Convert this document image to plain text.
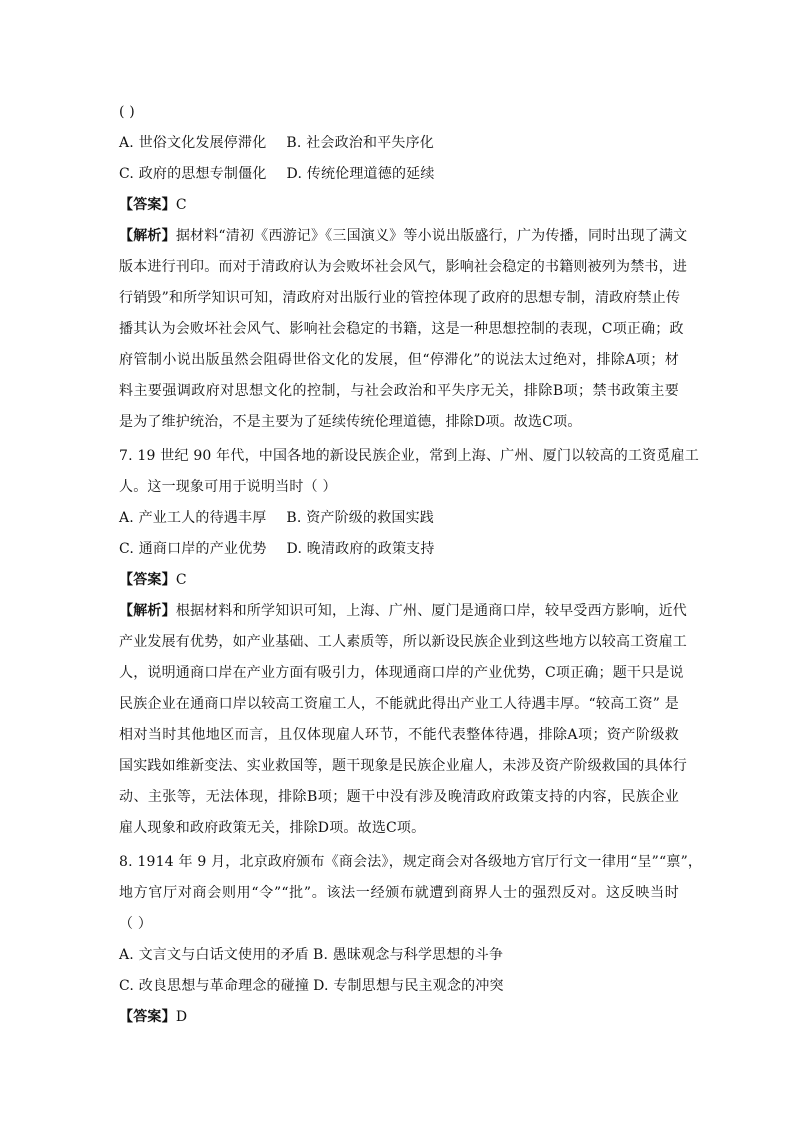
( )
A. 世俗文化发展停滞化 B. 社会政治和平失序化
C. 政府的思想专制僵化 D. 传统伦理道德的延续
【答案】C
【解析】据材料“清初《西游记》《三国演义》等小说出版盛行，广为传播，同时出现了满文
版本进行刊印。而对于清政府认为会败坏社会风气，影响社会稳定的书籍则被列为禁书，进
行销毁”和所学知识可知，清政府对出版行业的管控体现了政府的思想专制，清政府禁止传
播其认为会败坏社会风气、影响社会稳定的书籍，这是一种思想控制的表现，C项正确；政
府管制小说出版虽然会阻碍世俗文化的发展，但“停滞化”的说法太过绝对，排除A项；材
料主要强调政府对思想文化的控制，与社会政治和平失序无关，排除B项；禁书政策主要
是为了维护统治，不是主要为了延续传统伦理道德，排除D项。故选C项。
7. 19 世纪 90 年代，中国各地的新设民族企业，常到上海、广州、厦门以较高的工资觅雇工
人。这一现象可用于说明当时（ ）
A. 产业工人的待遇丰厚 B. 资产阶级的救国实践
C. 通商口岸的产业优势 D. 晚清政府的政策支持
【答案】C
【解析】根据材料和所学知识可知，上海、广州、厦门是通商口岸，较早受西方影响，近代
产业发展有优势，如产业基础、工人素质等，所以新设民族企业到这些地方以较高工资雇工
人，说明通商口岸在产业方面有吸引力，体现通商口岸的产业优势，C项正确；题干只是说
民族企业在通商口岸以较高工资雇工人，不能就此得出产业工人待遇丰厚。“较高工资” 是
相对当时其他地区而言，且仅体现雇人环节，不能代表整体待遇，排除A项；资产阶级救
国实践如维新变法、实业救国等，题干现象是民族企业雇人，未涉及资产阶级救国的具体行
动、主张等，无法体现，排除B项；题干中没有涉及晚清政府政策支持的内容，民族企业
雇人现象和政府政策无关，排除D项。故选C项。
8. 1914 年 9 月，北京政府颁布《商会法》，规定商会对各级地方官厅行文一律用“呈”“禀”，
地方官厅对商会则用“令”“批”。该法一经颁布就遭到商界人士的强烈反对。这反映当时
（ ）
A. 文言文与白话文使用的矛盾 B. 愚昧观念与科学思想的斗争
C. 改良思想与革命理念的碰撞 D. 专制思想与民主观念的冲突
【答案】D
